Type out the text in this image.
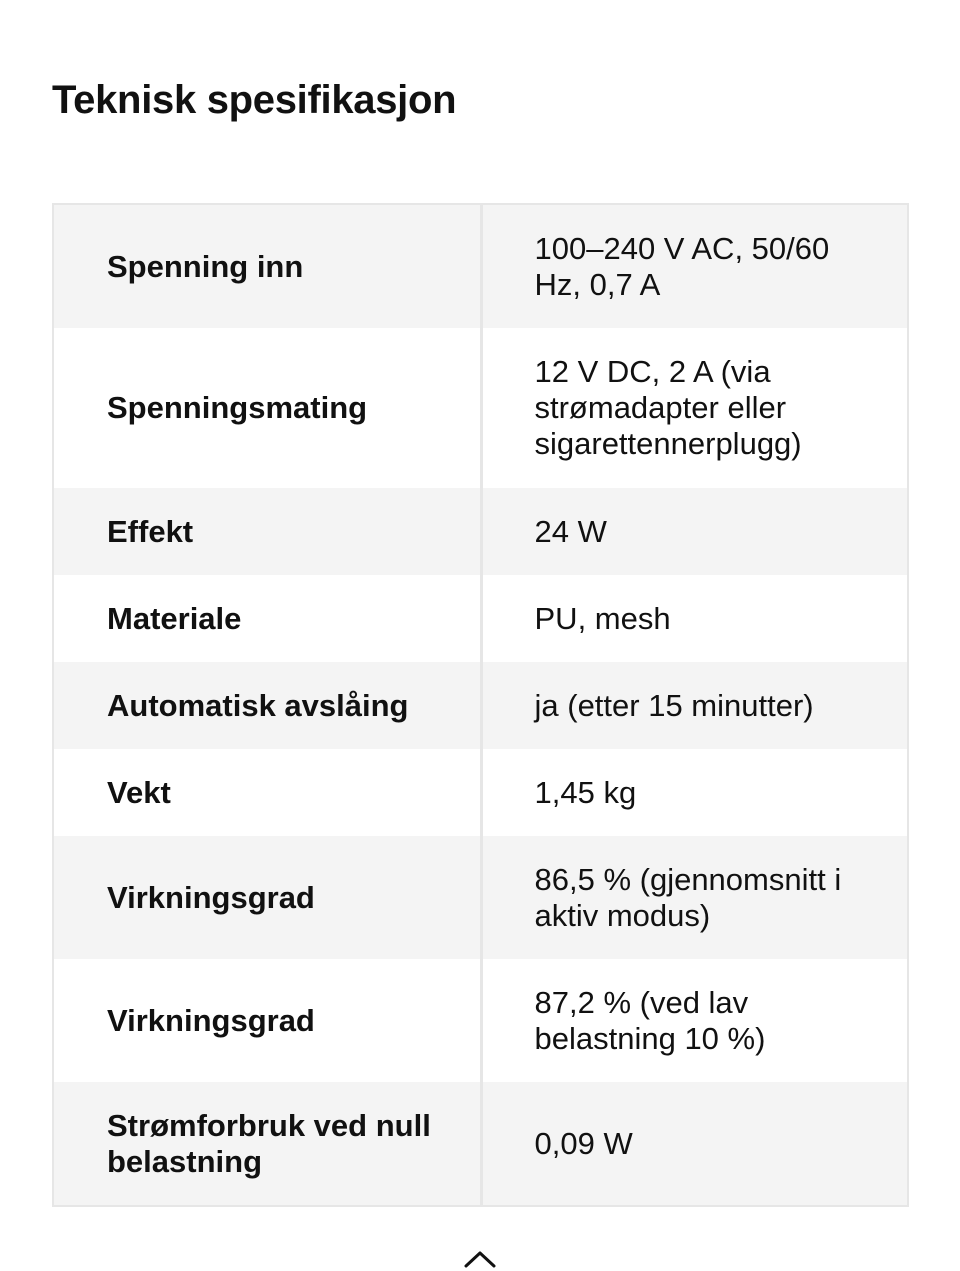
Teknisk spesifikasjon
Spenning inn	100–240 V AC, 50/60 Hz, 0,7 A
Spenningsmating	12 V DC, 2 A (via strømadapter eller sigarettennerplugg)
Effekt	24 W
Materiale	PU, mesh
Automatisk avslåing	ja (etter 15 minutter)
Vekt	1,45 kg
Virkningsgrad	86,5 % (gjennomsnitt i aktiv modus)
Virkningsgrad	87,2 % (ved lav belastning 10 %)
Strømforbruk ved null belastning	0,09 W
